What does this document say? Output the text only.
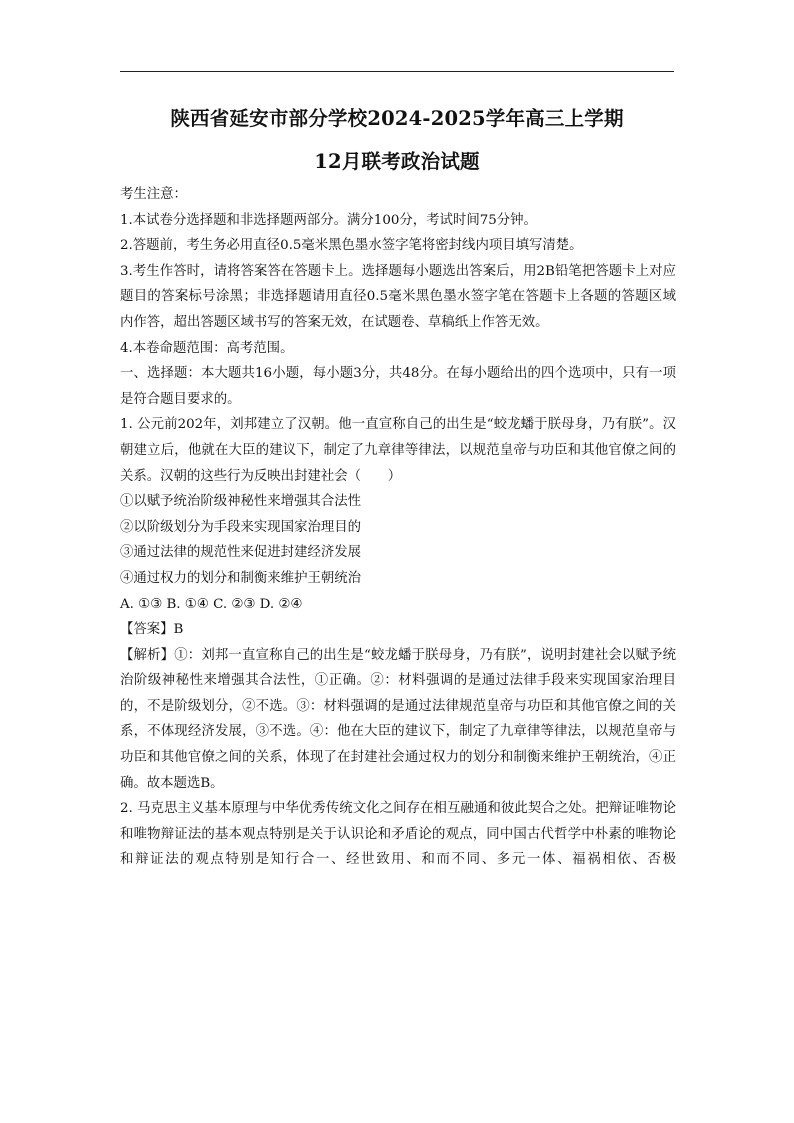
陕西省延安市部分学校2024-2025学年高三上学期
12月联考政治试题

考生注意：

1.本试卷分选择题和非选择题两部分。满分100分，考试时间75分钟。

2.答题前，考生务必用直径0.5毫米黑色墨水签字笔将密封线内项目填写清楚。

3.考生作答时，请将答案答在答题卡上。选择题每小题选出答案后，用2B铅笔把答题卡上对应题目的答案标号涂黑；非选择题请用直径0.5毫米黑色墨水签字笔在答题卡上各题的答题区域内作答，超出答题区域书写的答案无效，在试题卷、草稿纸上作答无效。

4.本卷命题范围：高考范围。

一、选择题：本大题共16小题，每小题3分，共48分。在每小题给出的四个选项中，只有一项是符合题目要求的。

1. 公元前202年，刘邦建立了汉朝。他一直宣称自己的出生是“蛟龙蟠于朕母身，乃有朕”。汉朝建立后，他就在大臣的建议下，制定了九章律等律法，以规范皇帝与功臣和其他官僚之间的关系。汉朝的这些行为反映出封建社会（　　）

①以赋予统治阶级神秘性来增强其合法性

②以阶级划分为手段来实现国家治理目的

③通过法律的规范性来促进封建经济发展

④通过权力的划分和制衡来维护王朝统治

A. ①③ B. ①④ C. ②③ D. ②④

【答案】B

【解析】①：刘邦一直宣称自己的出生是“蛟龙蟠于朕母身，乃有朕”，说明封建社会以赋予统治阶级神秘性来增强其合法性，①正确。②：材料强调的是通过法律手段来实现国家治理目的，不是阶级划分，②不选。③：材料强调的是通过法律规范皇帝与功臣和其他官僚之间的关系，不体现经济发展，③不选。④：他在大臣的建议下，制定了九章律等律法，以规范皇帝与功臣和其他官僚之间的关系，体现了在封建社会通过权力的划分和制衡来维护王朝统治，④正确。故本题选B。

2. 马克思主义基本原理与中华优秀传统文化之间存在相互融通和彼此契合之处。把辩证唯物论和唯物辩证法的基本观点特别是关于认识论和矛盾论的观点，同中国古代哲学中朴素的唯物论和辩证法的观点特别是知行合一、经世致用、和而不同、多元一体、福祸相依、否极
